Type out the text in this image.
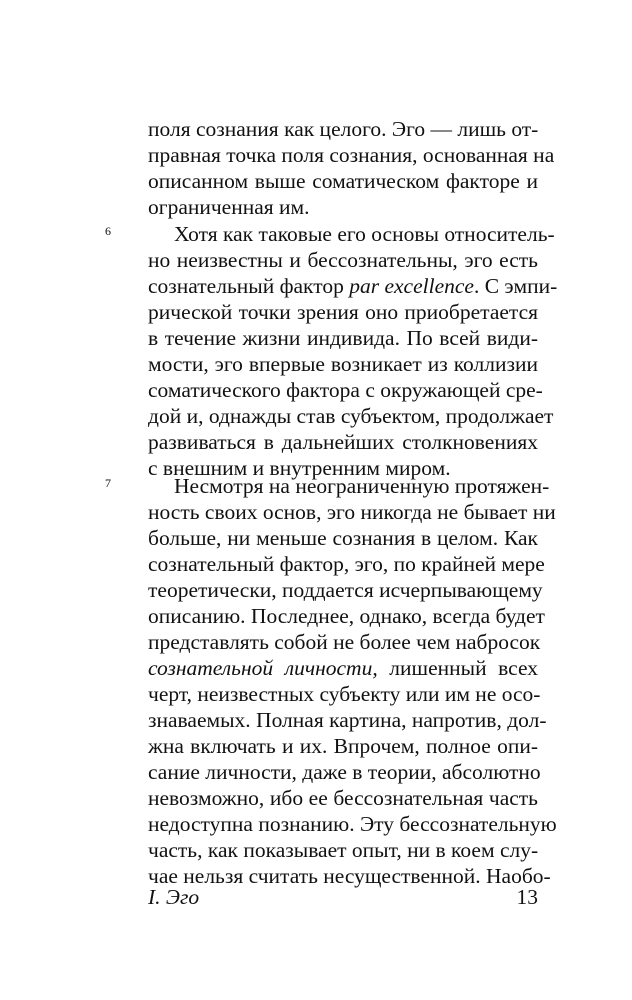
6
7
поля сознания как целого. Эго — лишь от-
правная точка поля сознания, основанная на
описанном выше соматическом факторе и
ограниченная им.
Хотя как таковые его основы относитель-
но неизвестны и бессознательны, эго есть
сознательный фактор par excellence. С эмпи-
рической точки зрения оно приобретается
в течение жизни индивида. По всей види-
мости, эго впервые возникает из коллизии
соматического фактора с окружающей сре-
дой и, однажды став субъектом, продолжает
развиваться в дальнейших столкновениях
с внешним и внутренним миром.
Несмотря на неограниченную протяжен-
ность своих основ, эго никогда не бывает ни
больше, ни меньше сознания в целом. Как
сознательный фактор, эго, по крайней мере
теоретически, поддается исчерпывающему
описанию. Последнее, однако, всегда будет
представлять собой не более чем набросок
сознательной личности, лишенный всех
черт, неизвестных субъекту или им не осо-
знаваемых. Полная картина, напротив, дол-
жна включать и их. Впрочем, полное опи-
сание личности, даже в теории, абсолютно
невозможно, ибо ее бессознательная часть
недоступна познанию. Эту бессознательную
часть, как показывает опыт, ни в коем слу-
чае нельзя считать несущественной. Наобо-
I. Эго	13
